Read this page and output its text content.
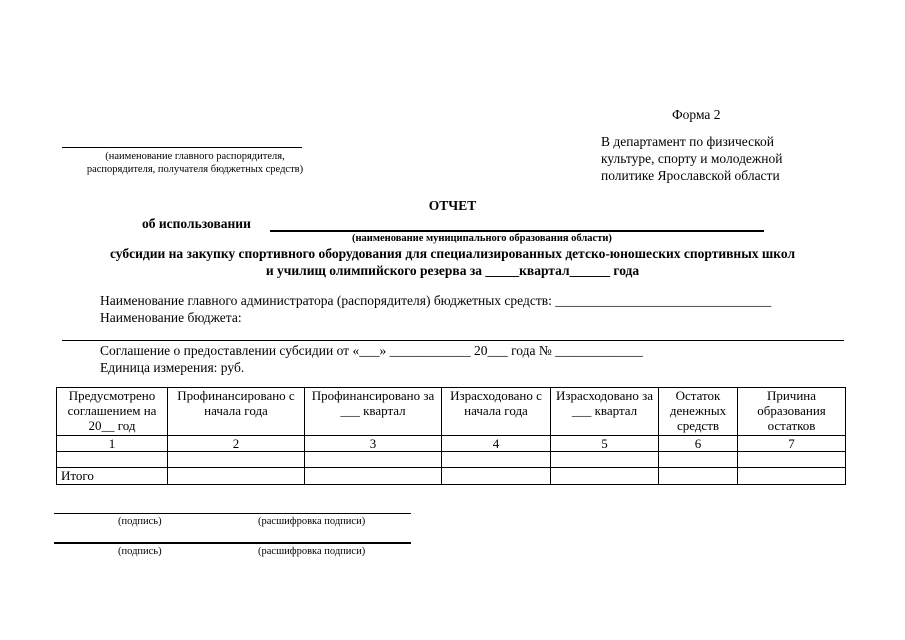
Форма 2
В департамент по физической
культуре, спорту и молодежной
политике Ярославской области
(наименование главного распорядителя,
распорядителя, получателя бюджетных средств)
ОТЧЕТ
об использовании
(наименование муниципального образования области)
субсидии на закупку спортивного оборудования для специализированных детско-юношеских спортивных школ
и училищ олимпийского резерва за _____квартал______ года
Наименование главного администратора (распорядителя) бюджетных средств: ________________________________
Наименование бюджета:
Соглашение о предоставлении субсидии от «___» ____________ 20___ года № _____________
Единица измерения: руб.
Предусмотрено соглашением на 20__ год	Профинансировано с начала года	Профинансировано за ___ квартал	Израсходовано с начала года	Израсходовано за ___ квартал	Остаток денежных средств	Причина образования остатков
1	2	3	4	5	6	7

Итого						
(подпись)	(расшифровка подписи)
(подпись)	(расшифровка подписи)
